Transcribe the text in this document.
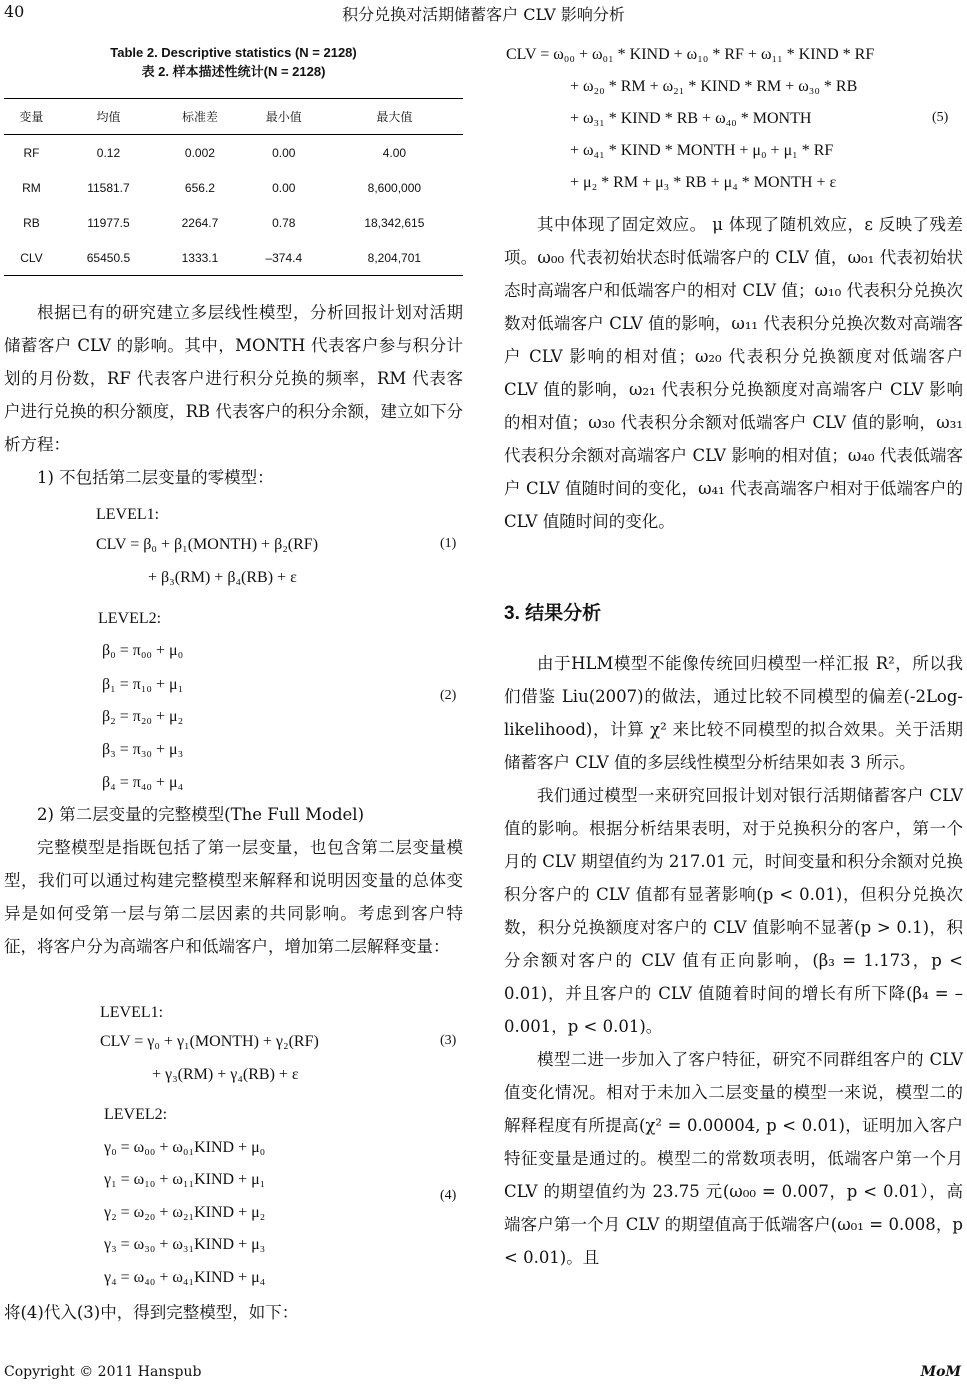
40	积分兑换对活期储蓄客户 CLV 影响分析
Table 2. Descriptive statistics (N = 2128)
表 2. 样本描述性统计(N = 2128)
变量	均值	标准差	最小值	最大值
RF	0.12	0.002	0.00	4.00
RM	11581.7	656.2	0.00	8,600,000
RB	11977.5	2264.7	0.78	18,342,615
CLV	65450.5	1333.1	–374.4	8,204,701

根据已有的研究建立多层线性模型，分析回报计划对活期储蓄客户 CLV 的影响。其中，MONTH 代表客户参与积分计划的月份数，RF 代表客户进行积分兑换的频率，RM 代表客户进行兑换的积分额度，RB 代表客户的积分余额，建立如下分析方程：

1) 不包括第二层变量的零模型：

LEVEL1:
CLV = β₀ + β₁(MONTH) + β₂(RF)
+ β₃(RM) + β₄(RB) + ε
(1)
LEVEL2:
β₀ = π₀₀ + μ₀
β₁ = π₁₀ + μ₁
β₂ = π₂₀ + μ₂
β₃ = π₃₀ + μ₃
β₄ = π₄₀ + μ₄
(2)

2) 第二层变量的完整模型(The Full Model)

完整模型是指既包括了第一层变量，也包含第二层变量模型，我们可以通过构建完整模型来解释和说明因变量的总体变异是如何受第一层与第二层因素的共同影响。考虑到客户特征，将客户分为高端客户和低端客户，增加第二层解释变量：

LEVEL1:
CLV = γ₀ + γ₁(MONTH) + γ₂(RF)
+ γ₃(RM) + γ₄(RB) + ε
(3)
LEVEL2:
γ₀ = ω₀₀ + ω₀₁KIND + μ₀
γ₁ = ω₁₀ + ω₁₁KIND + μ₁
γ₂ = ω₂₀ + ω₂₁KIND + μ₂
γ₃ = ω₃₀ + ω₃₁KIND + μ₃
γ₄ = ω₄₀ + ω₄₁KIND + μ₄
(4)

将(4)代入(3)中，得到完整模型，如下：

CLV = ω₀₀ + ω₀₁ * KIND + ω₁₀ * RF + ω₁₁ * KIND * RF
+ ω₂₀ * RM + ω₂₁ * KIND * RM + ω₃₀ * RB
+ ω₃₁ * KIND * RB + ω₄₀ * MONTH
+ ω₄₁ * KIND * MONTH + μ₀ + μ₁ * RF
+ μ₂ * RM + μ₃ * RB + μ₄ * MONTH + ε
(5)

其中体现了固定效应。 μ 体现了随机效应，ε 反映了残差项。ω₀₀ 代表初始状态时低端客户的 CLV 值，ω₀₁ 代表初始状态时高端客户和低端客户的相对 CLV 值；ω₁₀ 代表积分兑换次数对低端客户 CLV 值的影响，ω₁₁ 代表积分兑换次数对高端客户 CLV 影响的相对值；ω₂₀ 代表积分兑换额度对低端客户 CLV 值的影响，ω₂₁ 代表积分兑换额度对高端客户 CLV 影响的相对值；ω₃₀ 代表积分余额对低端客户 CLV 值的影响，ω₃₁ 代表积分余额对高端客户 CLV 影响的相对值；ω₄₀ 代表低端客户 CLV 值随时间的变化，ω₄₁ 代表高端客户相对于低端客户的 CLV 值随时间的变化。

3. 结果分析

由于HLM模型不能像传统回归模型一样汇报 R²，所以我们借鉴 Liu(2007)的做法，通过比较不同模型的偏差(-2Log-likelihood)，计算 χ² 来比较不同模型的拟合效果。关于活期储蓄客户 CLV 值的多层线性模型分析结果如表 3 所示。

我们通过模型一来研究回报计划对银行活期储蓄客户 CLV 值的影响。根据分析结果表明，对于兑换积分的客户，第一个月的 CLV 期望值约为 217.01 元，时间变量和积分余额对兑换积分客户的 CLV 值都有显著影响(p < 0.01)，但积分兑换次数，积分兑换额度对客户的 CLV 值影响不显著(p > 0.1)，积分余额对客户的 CLV 值有正向影响，(β₃ = 1.173，p < 0.01)，并且客户的 CLV 值随着时间的增长有所下降(β₄ = –0.001，p < 0.01)。

模型二进一步加入了客户特征，研究不同群组客户的 CLV 值变化情况。相对于未加入二层变量的模型一来说，模型二的解释程度有所提高(χ² = 0.00004, p < 0.01)，证明加入客户特征变量是通过的。模型二的常数项表明，低端客户第一个月 CLV 的期望值约为 23.75 元(ω₀₀ = 0.007，p < 0.01），高端客户第一个月 CLV 的期望值高于低端客户(ω₀₁ = 0.008，p < 0.01)。且

Copyright © 2011 Hanspub	MoM
